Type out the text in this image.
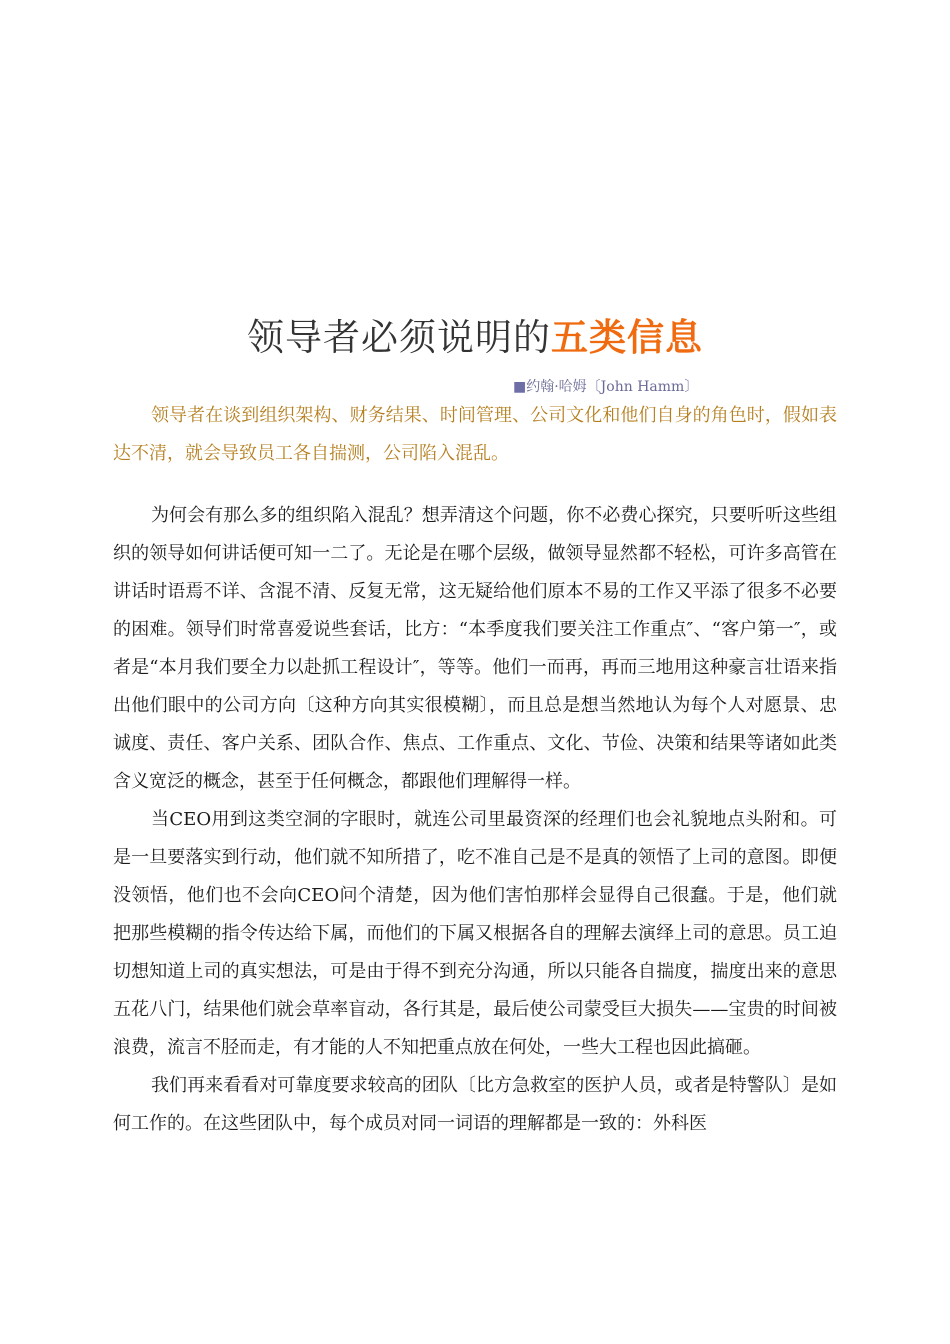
领导者必须说明的五类信息
■约翰·哈姆〔John Hamm〕

领导者在谈到组织架构、财务结果、时间管理、公司文化和他们自身的角色时，假如表达不清，就会导致员工各自揣测，公司陷入混乱。

为何会有那么多的组织陷入混乱？想弄清这个问题，你不必费心探究，只要听听这些组织的领导如何讲话便可知一二了。无论是在哪个层级，做领导显然都不轻松，可许多高管在讲话时语焉不详、含混不清、反复无常，这无疑给他们原本不易的工作又平添了很多不必要的困难。领导们时常喜爱说些套话，比方：“本季度我们要关注工作重点″、“客户第一″，或者是“本月我们要全力以赴抓工程设计″，等等。他们一而再，再而三地用这种豪言壮语来指出他们眼中的公司方向〔这种方向其实很模糊〕，而且总是想当然地认为每个人对愿景、忠诚度、责任、客户关系、团队合作、焦点、工作重点、文化、节俭、决策和结果等诸如此类含义宽泛的概念，甚至于任何概念，都跟他们理解得一样。

当CEO用到这类空洞的字眼时，就连公司里最资深的经理们也会礼貌地点头附和。可是一旦要落实到行动，他们就不知所措了，吃不准自己是不是真的领悟了上司的意图。即便没领悟，他们也不会向CEO问个清楚，因为他们害怕那样会显得自己很蠢。于是，他们就把那些模糊的指令传达给下属，而他们的下属又根据各自的理解去演绎上司的意思。员工迫切想知道上司的真实想法，可是由于得不到充分沟通，所以只能各自揣度，揣度出来的意思五花八门，结果他们就会草率盲动，各行其是，最后使公司蒙受巨大损失——宝贵的时间被浪费，流言不胫而走，有才能的人不知把重点放在何处，一些大工程也因此搞砸。

我们再来看看对可靠度要求较高的团队〔比方急救室的医护人员，或者是特警队〕是如何工作的。在这些团队中，每个成员对同一词语的理解都是一致的：外科医
